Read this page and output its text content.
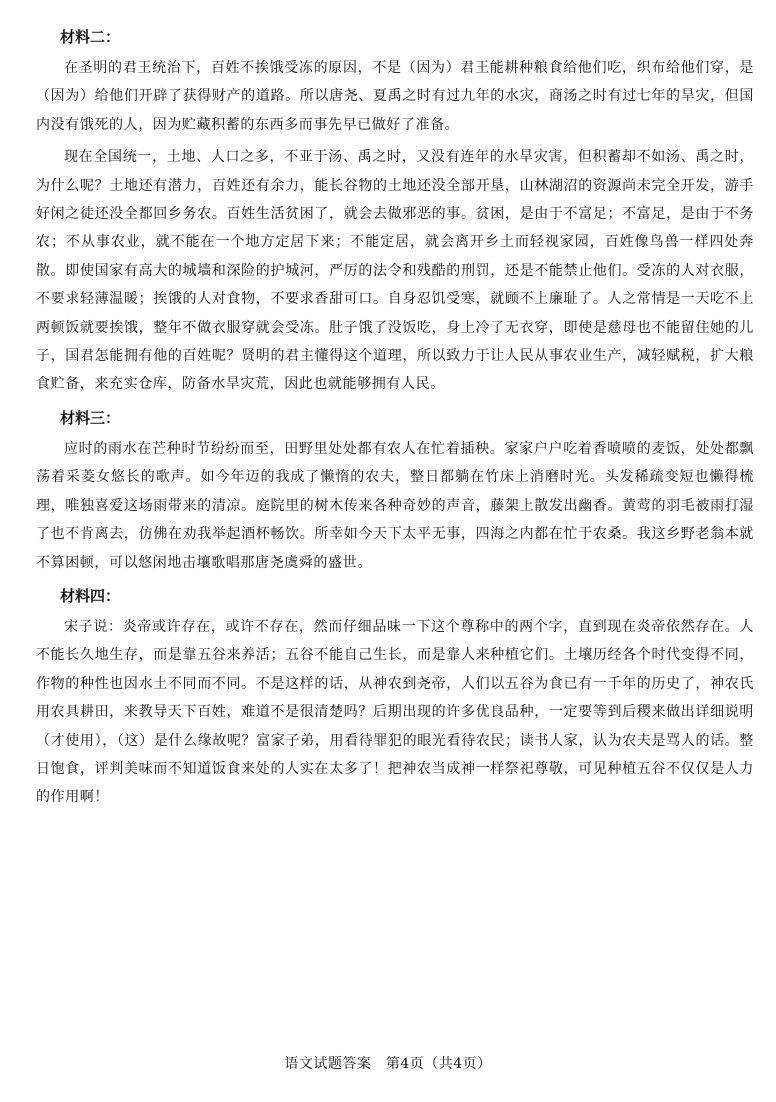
材料二：

在圣明的君王统治下，百姓不挨饿受冻的原因，不是（因为）君王能耕种粮食给他们吃，织布给他们穿，是（因为）给他们开辟了获得财产的道路。所以唐尧、夏禹之时有过九年的水灾，商汤之时有过七年的旱灾，但国内没有饿死的人，因为贮藏积蓄的东西多而事先早已做好了准备。

现在全国统一，土地、人口之多，不亚于汤、禹之时，又没有连年的水旱灾害，但积蓄却不如汤、禹之时，为什么呢？土地还有潜力，百姓还有余力，能长谷物的土地还没全部开垦，山林湖沼的资源尚未完全开发，游手好闲之徒还没全都回乡务农。百姓生活贫困了，就会去做邪恶的事。贫困，是由于不富足；不富足，是由于不务农；不从事农业，就不能在一个地方定居下来；不能定居，就会离开乡土而轻视家园，百姓像鸟兽一样四处奔散。即使国家有高大的城墙和深险的护城河，严厉的法令和残酷的刑罚，还是不能禁止他们。受冻的人对衣服，不要求轻薄温暖；挨饿的人对食物，不要求香甜可口。自身忍饥受寒，就顾不上廉耻了。人之常情是一天吃不上两顿饭就要挨饿，整年不做衣服穿就会受冻。肚子饿了没饭吃，身上冷了无衣穿，即使是慈母也不能留住她的儿子，国君怎能拥有他的百姓呢？贤明的君主懂得这个道理，所以致力于让人民从事农业生产，减轻赋税，扩大粮食贮备，来充实仓库，防备水旱灾荒，因此也就能够拥有人民。

材料三：

应时的雨水在芒种时节纷纷而至，田野里处处都有农人在忙着插秧。家家户户吃着香喷喷的麦饭，处处都飘荡着采菱女悠长的歌声。如今年迈的我成了懒惰的农夫，整日都躺在竹床上消磨时光。头发稀疏变短也懒得梳理，唯独喜爱这场雨带来的清凉。庭院里的树木传来各种奇妙的声音，藤架上散发出幽香。黄莺的羽毛被雨打湿了也不肯离去，仿佛在劝我举起酒杯畅饮。所幸如今天下太平无事，四海之内都在忙于农桑。我这乡野老翁本就不算困顿，可以悠闲地击壤歌唱那唐尧虞舜的盛世。

材料四：

宋子说：炎帝或许存在，或许不存在，然而仔细品味一下这个尊称中的两个字，直到现在炎帝依然存在。人不能长久地生存，而是靠五谷来养活；五谷不能自己生长，而是靠人来种植它们。土壤历经各个时代变得不同，作物的种性也因水土不同而不同。不是这样的话，从神农到尧帝，人们以五谷为食已有一千年的历史了，神农氏用农具耕田，来教导天下百姓，难道不是很清楚吗？后期出现的许多优良品种，一定要等到后稷来做出详细说明（才使用），（这）是什么缘故呢？富家子弟，用看待罪犯的眼光看待农民；读书人家，认为农夫是骂人的话。整日饱食，评判美味而不知道饭食来处的人实在太多了！把神农当成神一样祭祀尊敬，可见种植五谷不仅仅是人力的作用啊！

语文试题答案　第4页（共4页）
